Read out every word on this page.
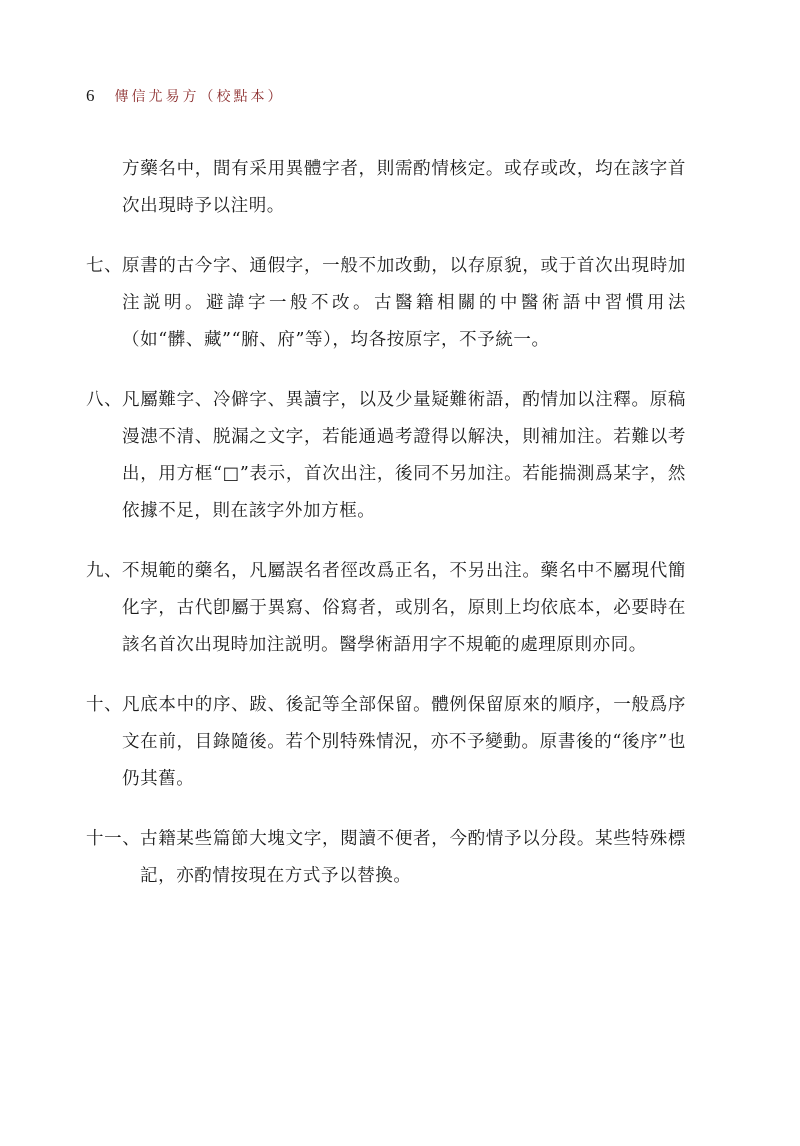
6 傳信尤易方（校點本）

方藥名中，間有采用異體字者，則需酌情核定。或存或改，均在該字首次出現時予以注明。

七、 原書的古今字、通假字，一般不加改動，以存原貌，或于首次出現時加注説明。避諱字一般不改。古醫籍相關的中醫術語中習慣用法（如“髒、藏”“腑、府”等），均各按原字，不予統一。
八、 凡屬難字、冷僻字、異讀字，以及少量疑難術語，酌情加以注釋。原稿漫漶不清、脱漏之文字，若能通過考證得以解決，則補加注。若難以考出，用方框“□”表示，首次出注，後同不另加注。若能揣測爲某字，然依據不足，則在該字外加方框。
九、 不規範的藥名，凡屬誤名者徑改爲正名，不另出注。藥名中不屬現代簡化字，古代卽屬于異寫、俗寫者，或別名，原則上均依底本，必要時在該名首次出現時加注説明。醫學術語用字不規範的處理原則亦同。
十、 凡底本中的序、跋、後記等全部保留。體例保留原來的順序，一般爲序文在前，目錄隨後。若个別特殊情況，亦不予變動。原書後的“後序”也仍其舊。
十一、 古籍某些篇節大塊文字，閱讀不便者，今酌情予以分段。某些特殊標記，亦酌情按現在方式予以替換。
